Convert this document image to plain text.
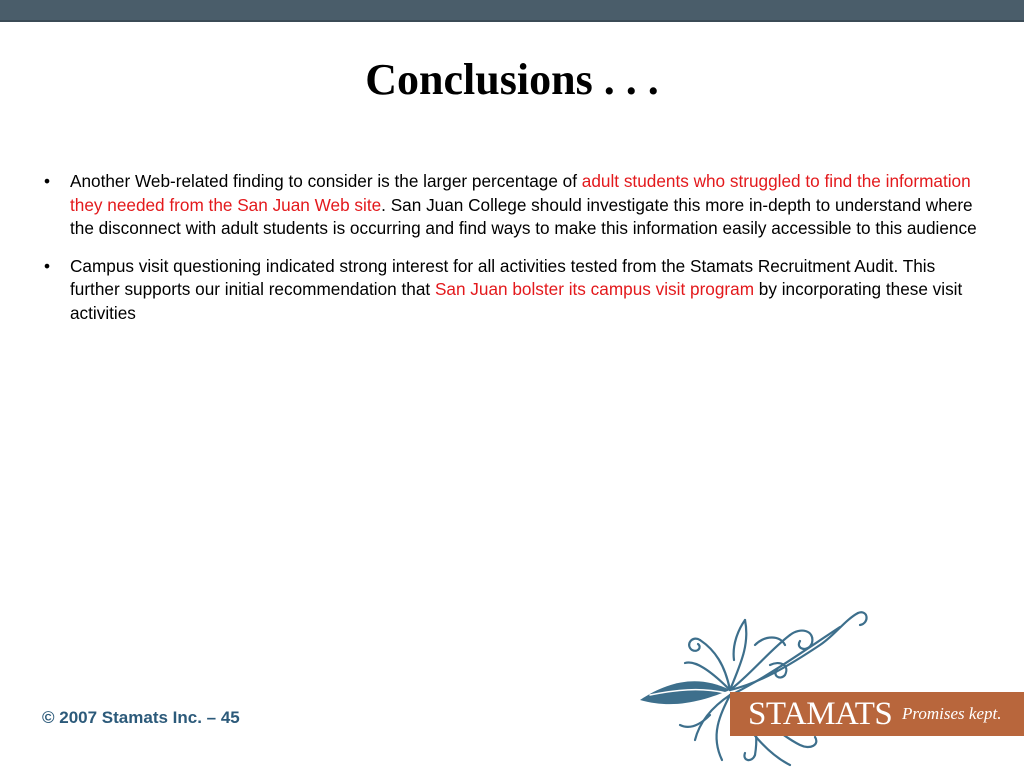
Conclusions . . .
• Another Web-related finding to consider is the larger percentage of adult students who struggled to find the information they needed from the San Juan Web site. San Juan College should investigate this more in-depth to understand where the disconnect with adult students is occurring and find ways to make this information easily accessible to this audience
• Campus visit questioning indicated strong interest for all activities tested from the Stamats Recruitment Audit. This further supports our initial recommendation that San Juan bolster its campus visit program by incorporating these visit activities
© 2007 Stamats Inc. – 45	STAMATS Promises kept.
